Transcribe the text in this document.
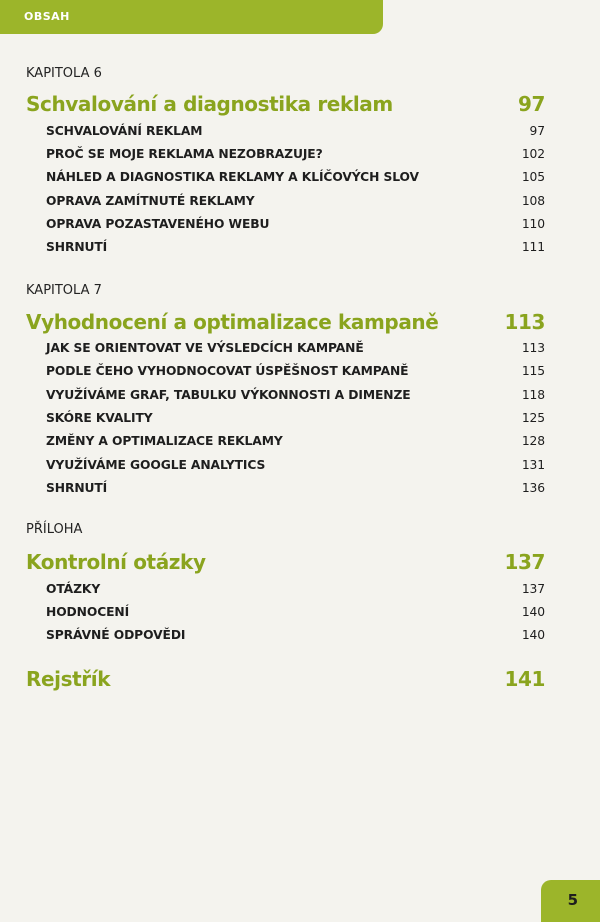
OBSAH
KAPITOLA 6
Schvalování a diagnostika reklam	97
SCHVALOVÁNÍ REKLAM	97
PROČ SE MOJE REKLAMA NEZOBRAZUJE?	102
NÁHLED A DIAGNOSTIKA REKLAMY A KLÍČOVÝCH SLOV	105
OPRAVA ZAMÍTNUTÉ REKLAMY	108
OPRAVA POZASTAVENÉHO WEBU	110
SHRNUTÍ	111
KAPITOLA 7
Vyhodnocení a optimalizace kampaně	113
JAK SE ORIENTOVAT VE VÝSLEDCÍCH KAMPANĚ	113
PODLE ČEHO VYHODNOCOVAT ÚSPĚŠNOST KAMPANĚ	115
VYUŽÍVÁME GRAF, TABULKU VÝKONNOSTI A DIMENZE	118
SKÓRE KVALITY	125
ZMĚNY A OPTIMALIZACE REKLAMY	128
VYUŽÍVÁME GOOGLE ANALYTICS	131
SHRNUTÍ	136
PŘÍLOHA
Kontrolní otázky	137
OTÁZKY	137
HODNOCENÍ	140
SPRÁVNÉ ODPOVĚDI	140
Rejstřík	141
5
